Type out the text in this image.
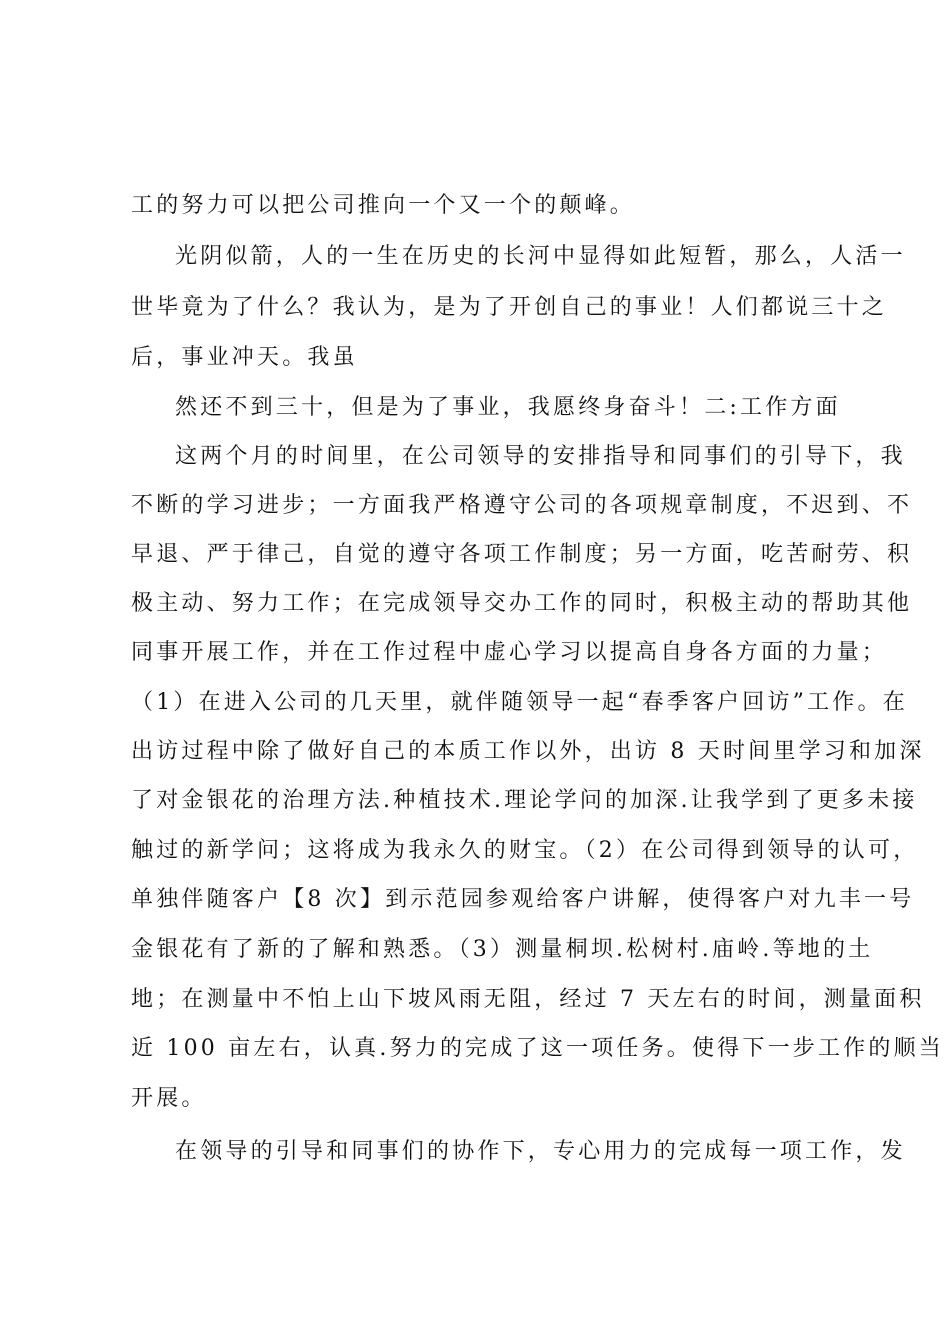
工的努力可以把公司推向一个又一个的颠峰。

光阴似箭，人的一生在历史的长河中显得如此短暂，那么，人活一

世毕竟为了什么？我认为，是为了开创自己的事业！人们都说三十之

后，事业冲天。我虽

然还不到三十，但是为了事业，我愿终身奋斗！二:工作方面

这两个月的时间里，在公司领导的安排指导和同事们的引导下，我

不断的学习进步；一方面我严格遵守公司的各项规章制度，不迟到、不

早退、严于律己，自觉的遵守各项工作制度；另一方面，吃苦耐劳、积

极主动、努力工作；在完成领导交办工作的同时，积极主动的帮助其他

同事开展工作，并在工作过程中虚心学习以提高自身各方面的力量；

（1）在进入公司的几天里，就伴随领导一起“春季客户回访”工作。在

出访过程中除了做好自己的本质工作以外，出访 8 天时间里学习和加深

了对金银花的治理方法.种植技术.理论学问的加深.让我学到了更多未接

触过的新学问；这将成为我永久的财宝。（2）在公司得到领导的认可，

单独伴随客户【8 次】到示范园参观给客户讲解，使得客户对九丰一号

金银花有了新的了解和熟悉。（3）测量桐坝.松树村.庙岭.等地的土

地；在测量中不怕上山下坡风雨无阻，经过 7 天左右的时间，测量面积

近 100 亩左右，认真.努力的完成了这一项任务。使得下一步工作的顺当

开展。

在领导的引导和同事们的协作下，专心用力的完成每一项工作，发
